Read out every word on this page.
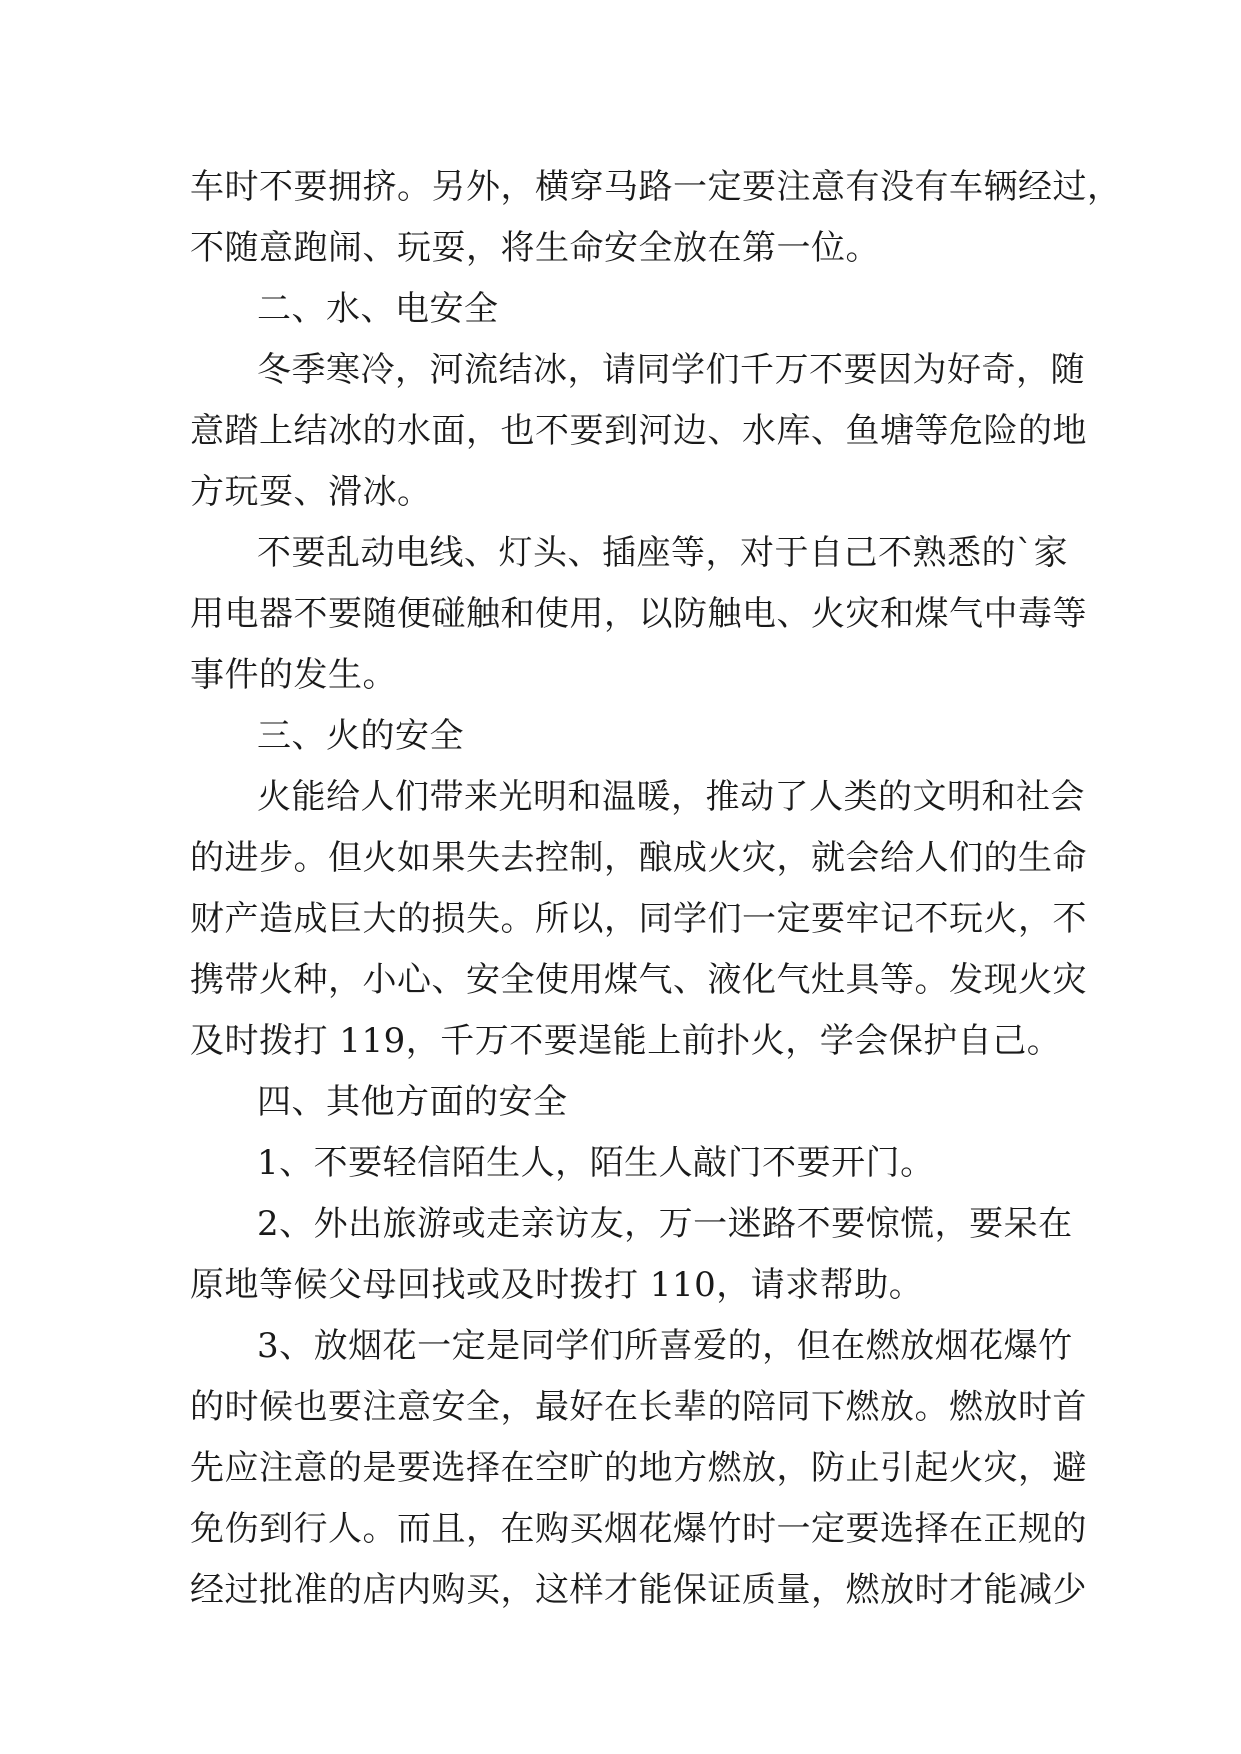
车时不要拥挤。另外，横穿马路一定要注意有没有车辆经过，

不随意跑闹、玩耍，将生命安全放在第一位。

二、水、电安全

冬季寒冷，河流结冰，请同学们千万不要因为好奇，随

意踏上结冰的水面，也不要到河边、水库、鱼塘等危险的地

方玩耍、滑冰。

不要乱动电线、灯头、插座等，对于自己不熟悉的`家

用电器不要随便碰触和使用，以防触电、火灾和煤气中毒等

事件的发生。

三、火的安全

火能给人们带来光明和温暖，推动了人类的文明和社会

的进步。但火如果失去控制，酿成火灾，就会给人们的生命

财产造成巨大的损失。所以，同学们一定要牢记不玩火，不

携带火种，小心、安全使用煤气、液化气灶具等。发现火灾

及时拨打 119，千万不要逞能上前扑火，学会保护自己。

四、其他方面的安全

1、不要轻信陌生人，陌生人敲门不要开门。

2、外出旅游或走亲访友，万一迷路不要惊慌，要呆在

原地等候父母回找或及时拨打 110，请求帮助。

3、放烟花一定是同学们所喜爱的，但在燃放烟花爆竹

的时候也要注意安全，最好在长辈的陪同下燃放。燃放时首

先应注意的是要选择在空旷的地方燃放，防止引起火灾，避

免伤到行人。而且，在购买烟花爆竹时一定要选择在正规的

经过批准的店内购买，这样才能保证质量，燃放时才能减少
